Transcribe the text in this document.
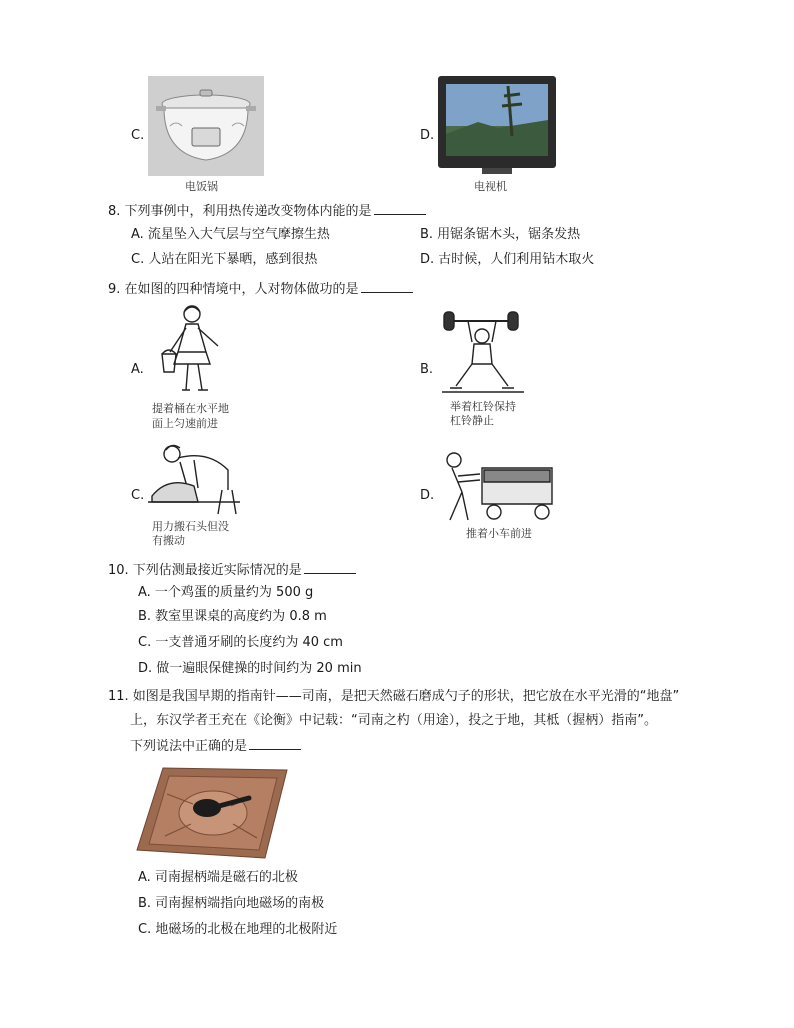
C.
电饭锅
D.
电视机
8. 下列事例中，利用热传递改变物体内能的是
A. 流星坠入大气层与空气摩擦生热	B. 用锯条锯木头，锯条发热
C. 人站在阳光下暴晒，感到很热	D. 古时候，人们利用钻木取火
9. 在如图的四种情境中，人对物体做功的是
A.
提着桶在水平地
面上匀速前进
B.
举着杠铃保持
杠铃静止
C.
用力搬石头但没
有搬动
D.
推着小车前进
10. 下列估测最接近实际情况的是
A. 一个鸡蛋的质量约为 500 g
B. 教室里课桌的高度约为 0.8 m
C. 一支普通牙刷的长度约为 40 cm
D. 做一遍眼保健操的时间约为 20 min
11. 如图是我国早期的指南针——司南，是把天然磁石磨成勺子的形状，把它放在水平光滑的“地盘”
上，东汉学者王充在《论衡》中记载：“司南之杓（用途），投之于地，其柢（握柄）指南”。
下列说法中正确的是
A. 司南握柄端是磁石的北极
B. 司南握柄端指向地磁场的南极
C. 地磁场的北极在地理的北极附近
